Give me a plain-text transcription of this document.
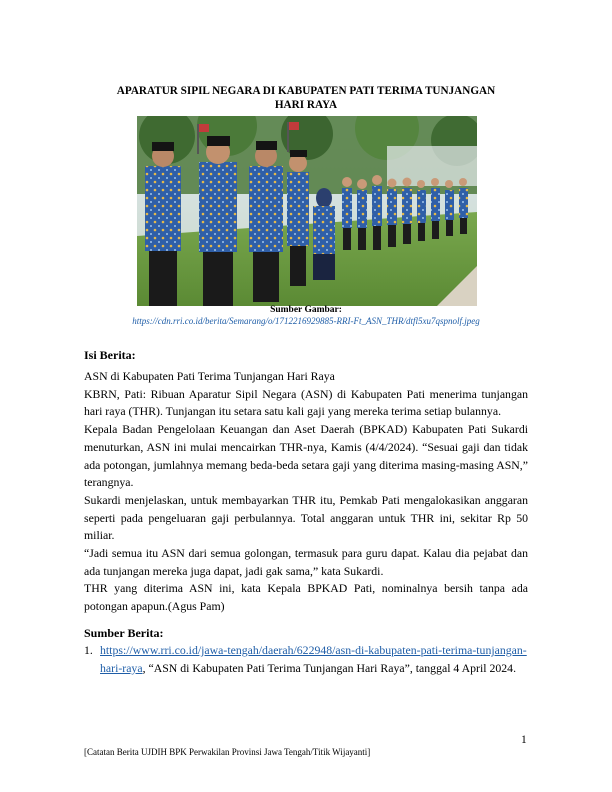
APARATUR SIPIL NEGARA DI KABUPATEN PATI TERIMA TUNJANGAN
HARI RAYA
Sumber Gambar:
https://cdn.rri.co.id/berita/Semarang/o/1712216929885-RRI-Ft_ASN_THR/dtfl5xu7qspnolf.jpeg
Isi Berita:

ASN di Kabupaten Pati Terima Tunjangan Hari Raya

KBRN, Pati: Ribuan Aparatur Sipil Negara (ASN) di Kabupaten Pati menerima tunjangan hari raya (THR). Tunjangan itu setara satu kali gaji yang mereka terima setiap bulannya.

Kepala Badan Pengelolaan Keuangan dan Aset Daerah (BPKAD) Kabupaten Pati Sukardi menuturkan, ASN ini mulai mencairkan THR-nya, Kamis (4/4/2024). “Sesuai gaji dan tidak ada potongan, jumlahnya memang beda-beda setara gaji yang diterima masing-masing ASN,” terangnya.

Sukardi menjelaskan, untuk membayarkan THR itu, Pemkab Pati mengalokasikan anggaran seperti pada pengeluaran gaji perbulannya. Total anggaran untuk THR ini, sekitar Rp 50 miliar.

“Jadi semua itu ASN dari semua golongan, termasuk para guru dapat. Kalau dia pejabat dan ada tunjangan mereka juga dapat, jadi gak sama,” kata Sukardi.

THR yang diterima ASN ini, kata Kepala BPKAD Pati, nominalnya bersih tanpa ada potongan apapun.(Agus Pam)

Sumber Berita:
1. https://www.rri.co.id/jawa-tengah/daerah/622948/asn-di-kabupaten-pati-terima-tunjangan-hari-raya, “ASN di Kabupaten Pati Terima Tunjangan Hari Raya”, tanggal 4 April 2024.
1
[Catatan Berita UJDIH BPK Perwakilan Provinsi Jawa Tengah/Titik Wijayanti]
